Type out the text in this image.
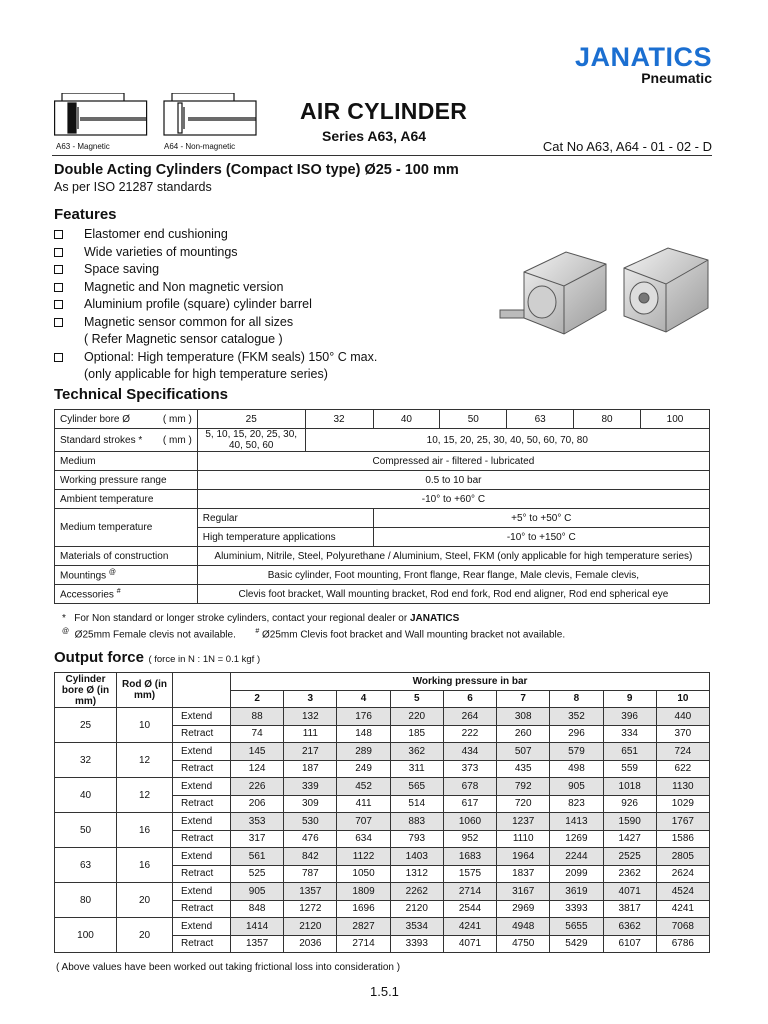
JANATICS
Pneumatic
A63 - Magnetic	A64 - Non-magnetic
AIR CYLINDER
Series A63, A64
Cat No A63, A64 - 01 - 02 - D
Double Acting Cylinders (Compact ISO type) Ø25 - 100 mm
As per ISO 21287 standards
Features
Elastomer end cushioning
Wide varieties of mountings
Space saving
Magnetic and Non magnetic version
Aluminium profile (square) cylinder barrel
Magnetic sensor common for all sizes
( Refer Magnetic sensor catalogue )
Optional: High temperature (FKM seals) 150° C max.
(only applicable for high temperature series)
Technical Specifications
Cylinder bore Ø ( mm )	25	32	40	50	63	80	100
Standard strokes * ( mm )	5, 10, 15, 20, 25, 30, 40, 50, 60	10, 15, 20, 25, 30, 40, 50, 60, 70, 80					
Medium	Compressed air - filtered - lubricated						
Working pressure range	0.5 to 10 bar						
Ambient temperature	-10° to +60° C						
Medium temperature	Regular		+5° to +50° C				
	High temperature applications		-10° to +150° C				
Materials of construction	Aluminium, Nitrile, Steel, Polyurethane / Aluminium, Steel, FKM (only applicable for high temperature series)						
Mountings @	Basic cylinder, Foot mounting, Front flange, Rear flange, Male clevis, Female clevis,						
Accessories #	Clevis foot bracket, Wall mounting bracket, Rod end fork, Rod end aligner, Rod end spherical eye						
* For Non standard or longer stroke cylinders, contact your regional dealer or JANATICS
@ Ø25mm Female clevis not available.	# Ø25mm Clevis foot bracket and Wall mounting bracket not available.
Output force ( force in N : 1N = 0.1 kgf )
Cylinder bore Ø (in mm)	Rod Ø (in mm)		Working pressure in bar								
			2	3	4	5	6	7	8	9	10
25	10	Extend	88	132	176	220	264	308	352	396	440
		Retract	74	111	148	185	222	260	296	334	370
32	12	Extend	145	217	289	362	434	507	579	651	724
		Retract	124	187	249	311	373	435	498	559	622
40	12	Extend	226	339	452	565	678	792	905	1018	1130
		Retract	206	309	411	514	617	720	823	926	1029
50	16	Extend	353	530	707	883	1060	1237	1413	1590	1767
		Retract	317	476	634	793	952	1110	1269	1427	1586
63	16	Extend	561	842	1122	1403	1683	1964	2244	2525	2805
		Retract	525	787	1050	1312	1575	1837	2099	2362	2624
80	20	Extend	905	1357	1809	2262	2714	3167	3619	4071	4524
		Retract	848	1272	1696	2120	2544	2969	3393	3817	4241
100	20	Extend	1414	2120	2827	3534	4241	4948	5655	6362	7068
		Retract	1357	2036	2714	3393	4071	4750	5429	6107	6786
( Above values have been worked out taking frictional loss into consideration )
1.5.1
